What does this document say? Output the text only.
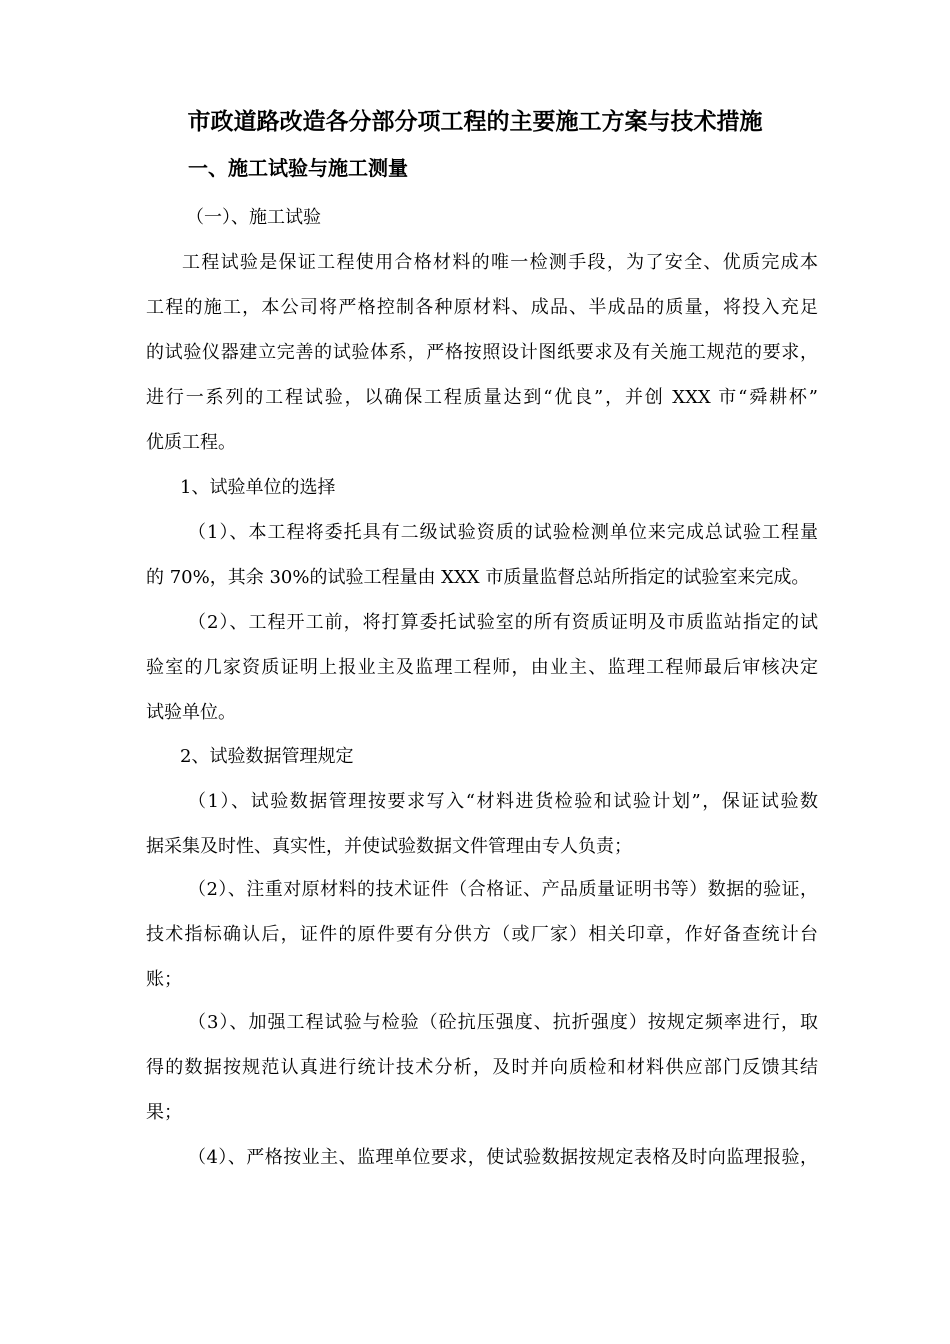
市政道路改造各分部分项工程的主要施工方案与技术措施
一、施工试验与施工测量
（一）、施工试验
工程试验是保证工程使用合格材料的唯一检测手段，为了安全、优质完成本
工程的施工，本公司将严格控制各种原材料、成品、半成品的质量，将投入充足
的试验仪器建立完善的试验体系，严格按照设计图纸要求及有关施工规范的要求，
进行一系列的工程试验，以确保工程质量达到“优良”，并创 XXX 市“舜耕杯”
优质工程。
1、试验单位的选择
（1）、本工程将委托具有二级试验资质的试验检测单位来完成总试验工程量
的 70%，其余 30%的试验工程量由 XXX 市质量监督总站所指定的试验室来完成。
（2）、工程开工前，将打算委托试验室的所有资质证明及市质监站指定的试
验室的几家资质证明上报业主及监理工程师，由业主、监理工程师最后审核决定
试验单位。
2、试验数据管理规定
（1）、试验数据管理按要求写入“材料进货检验和试验计划”，保证试验数
据采集及时性、真实性，并使试验数据文件管理由专人负责；
（2）、注重对原材料的技术证件（合格证、产品质量证明书等）数据的验证，
技术指标确认后，证件的原件要有分供方（或厂家）相关印章，作好备查统计台
账；
（3）、加强工程试验与检验（砼抗压强度、抗折强度）按规定频率进行，取
得的数据按规范认真进行统计技术分析，及时并向质检和材料供应部门反馈其结
果；
（4）、严格按业主、监理单位要求，使试验数据按规定表格及时向监理报验，
